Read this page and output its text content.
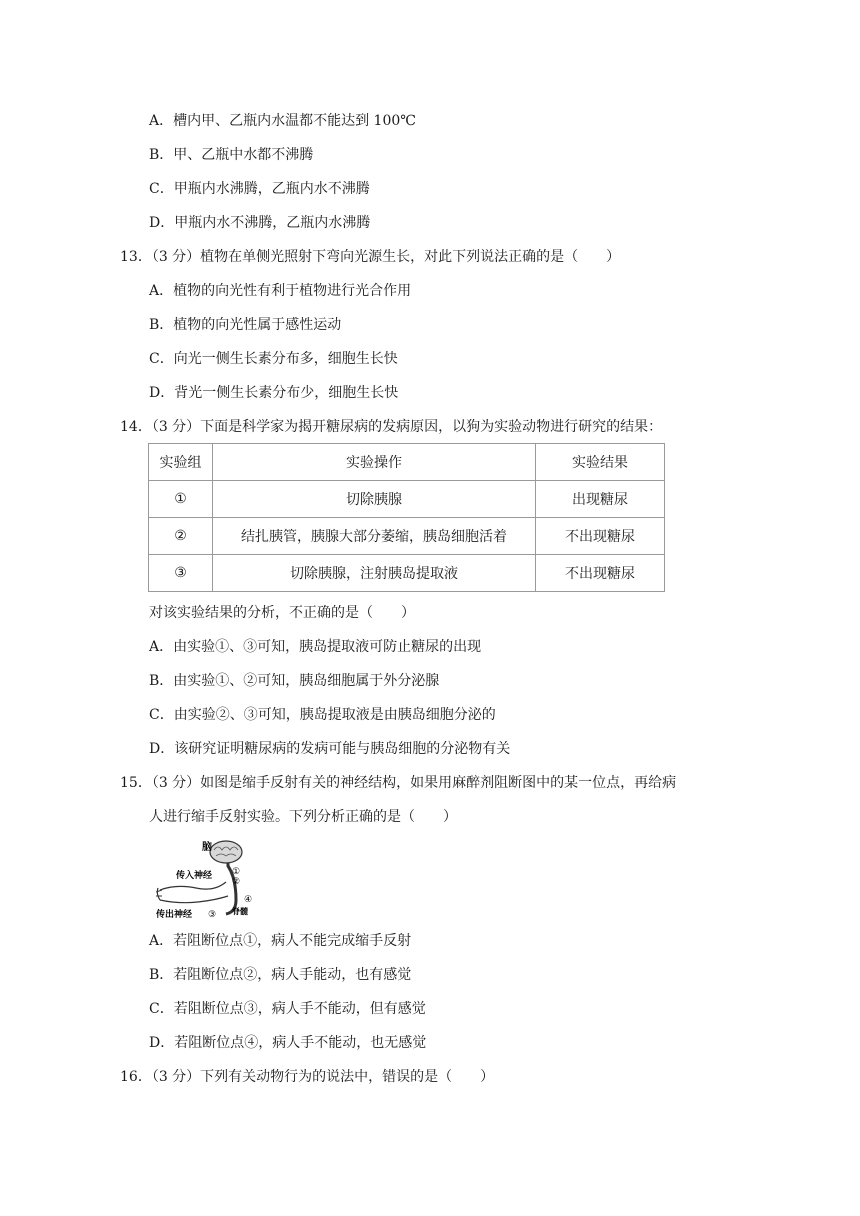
A．槽内甲、乙瓶内水温都不能达到 100℃
B．甲、乙瓶中水都不沸腾
C．甲瓶内水沸腾，乙瓶内水不沸腾
D．甲瓶内水不沸腾，乙瓶内水沸腾
13．（3 分）植物在单侧光照射下弯向光源生长，对此下列说法正确的是（　　）
A．植物的向光性有利于植物进行光合作用
B．植物的向光性属于感性运动
C．向光一侧生长素分布多，细胞生长快
D．背光一侧生长素分布少，细胞生长快
14．（3 分）下面是科学家为揭开糖尿病的发病原因，以狗为实验动物进行研究的结果：
实验组	实验操作	实验结果
①	切除胰腺	出现糖尿
②	结扎胰管，胰腺大部分萎缩，胰岛细胞活着	不出现糖尿
③	切除胰腺，注射胰岛提取液	不出现糖尿
对该实验结果的分析，不正确的是（　　）
A．由实验①、③可知，胰岛提取液可防止糖尿的出现
B．由实验①、②可知，胰岛细胞属于外分泌腺
C．由实验②、③可知，胰岛提取液是由胰岛细胞分泌的
D．该研究证明糖尿病的发病可能与胰岛细胞的分泌物有关
15．（3 分）如图是缩手反射有关的神经结构，如果用麻醉剂阻断图中的某一位点，再给病
人进行缩手反射实验。下列分析正确的是（　　）
脑
传入神经
传出神经	脊髓
①
②
③
④
A．若阻断位点①，病人不能完成缩手反射
B．若阻断位点②，病人手能动，也有感觉
C．若阻断位点③，病人手不能动，但有感觉
D．若阻断位点④，病人手不能动，也无感觉
16．（3 分）下列有关动物行为的说法中，错误的是（　　）
